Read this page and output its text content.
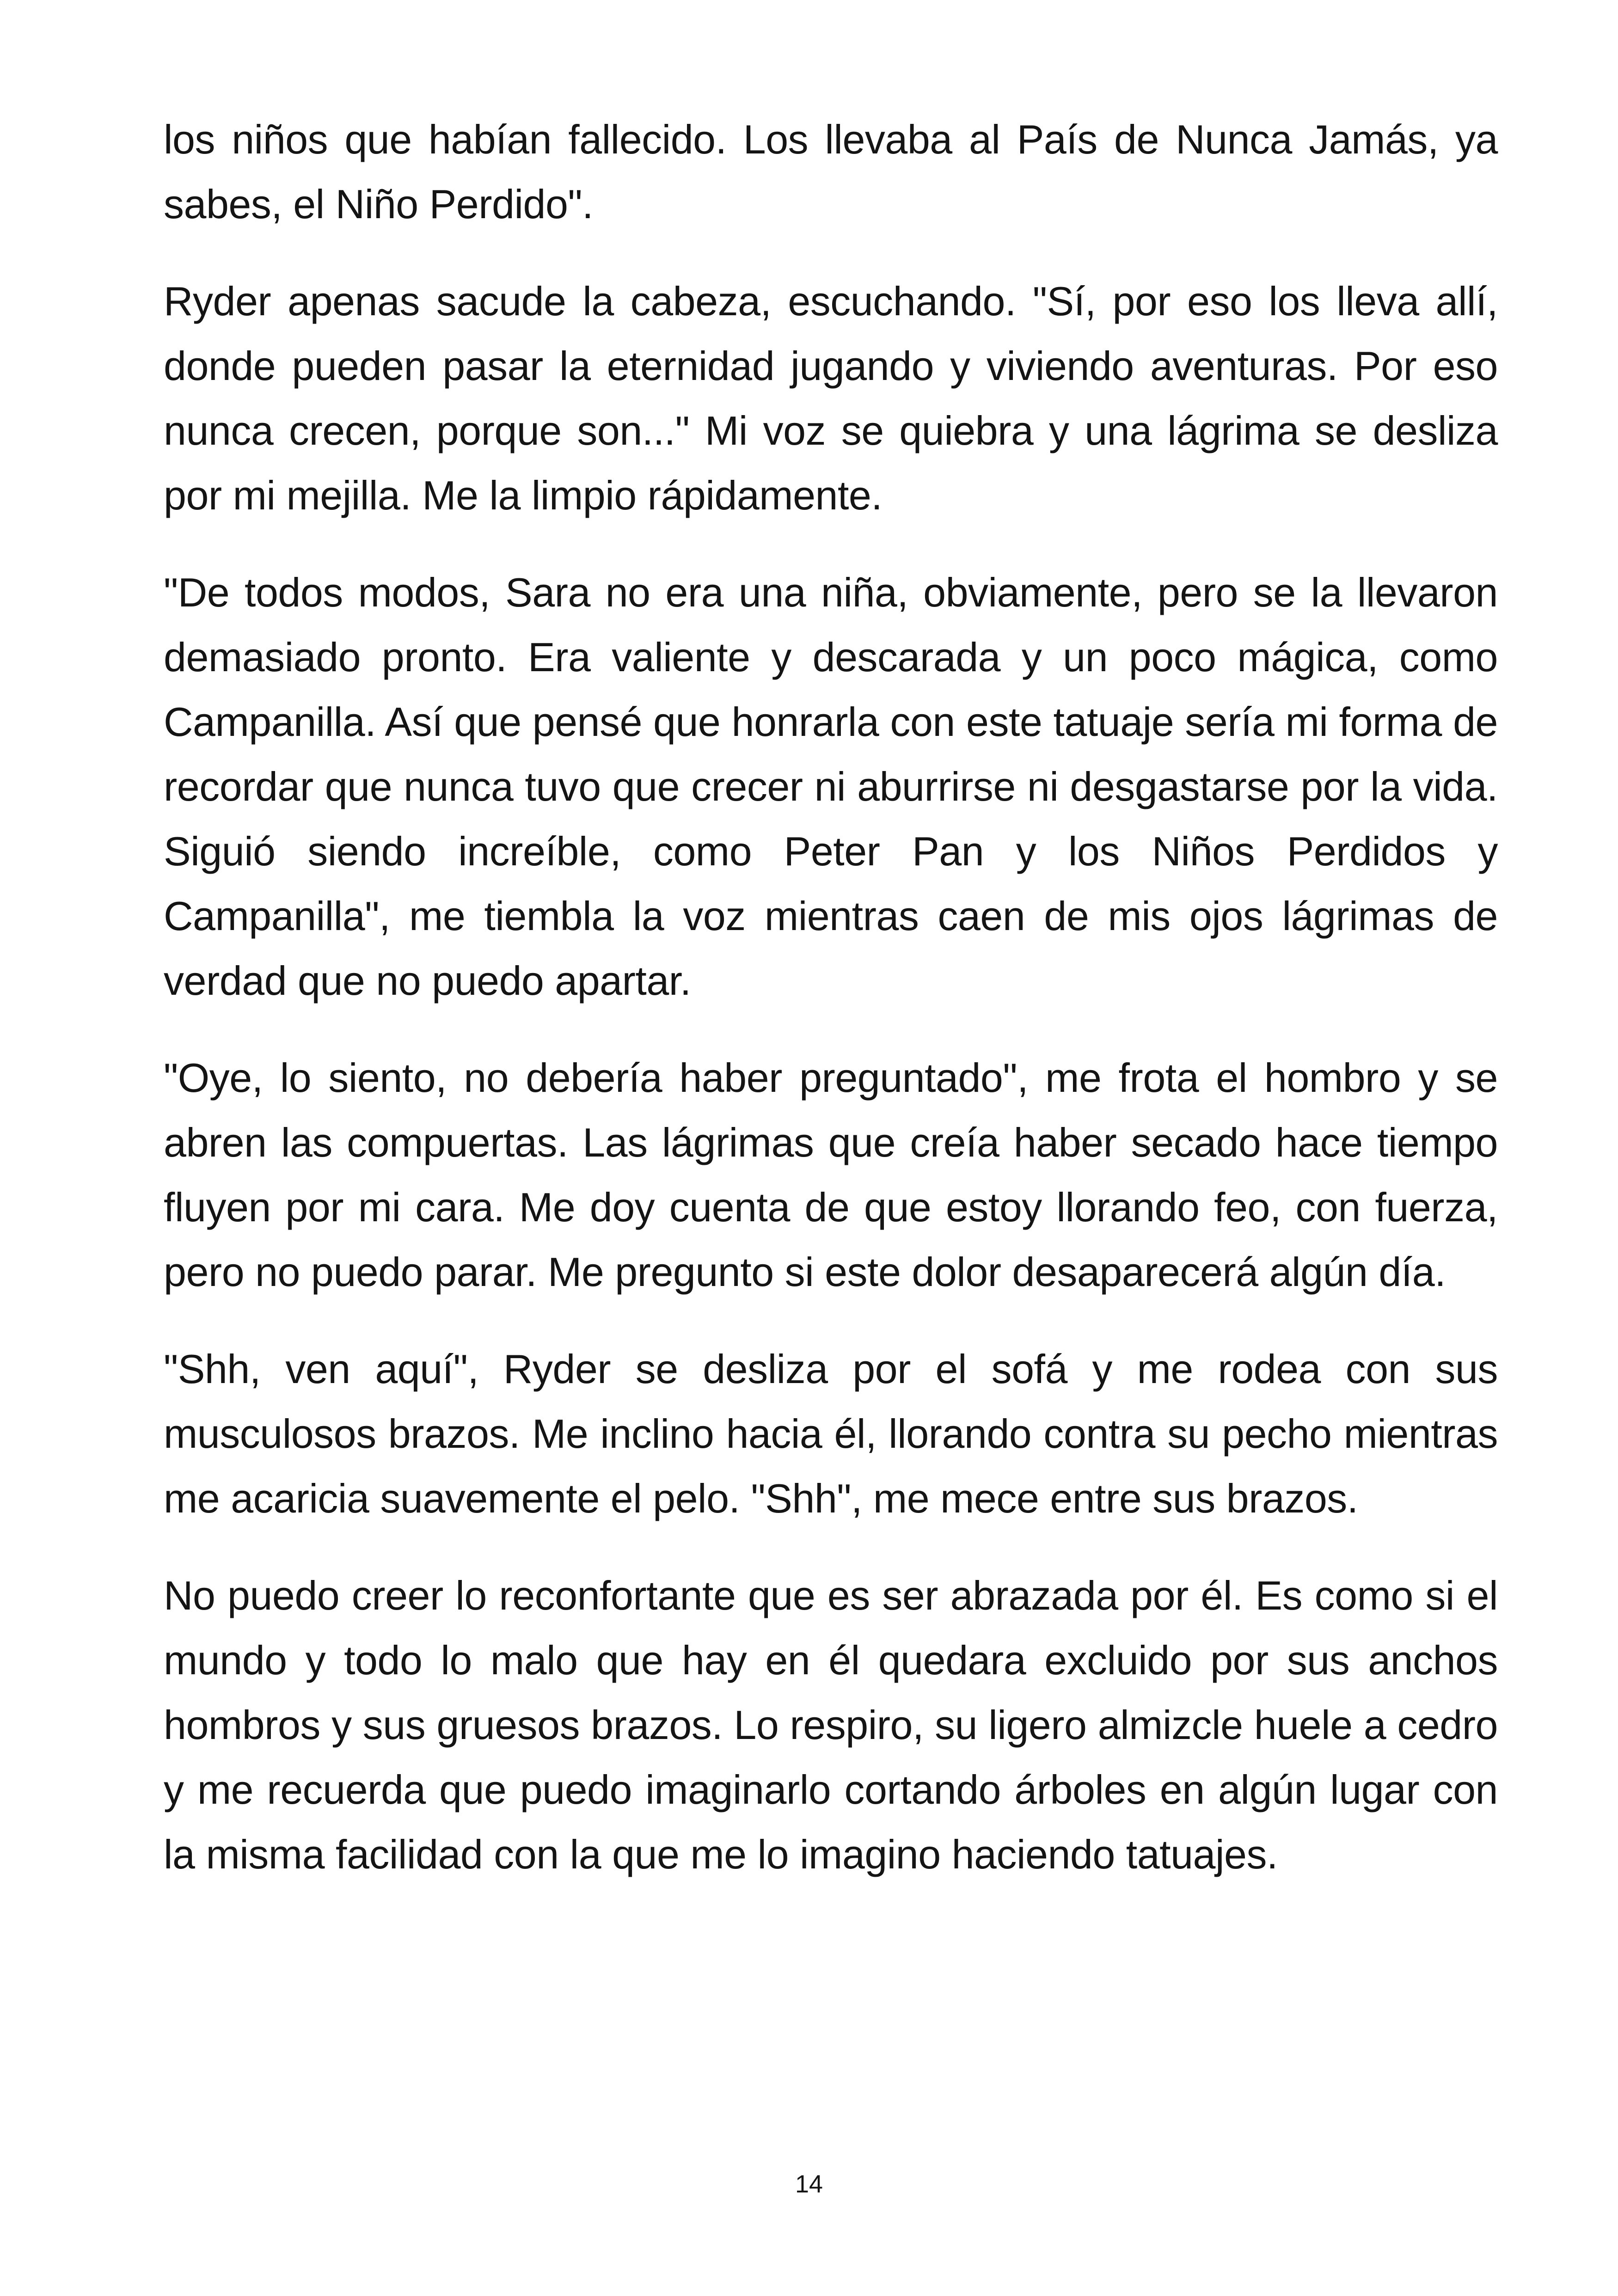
los niños que habían fallecido. Los llevaba al País de Nunca Jamás, ya sabes, el Niño Perdido".

Ryder apenas sacude la cabeza, escuchando. "Sí, por eso los lleva allí, donde pueden pasar la eternidad jugando y viviendo aventuras. Por eso nunca crecen, porque son..." Mi voz se quiebra y una lágrima se desliza por mi mejilla. Me la limpio rápidamente.

"De todos modos, Sara no era una niña, obviamente, pero se la llevaron demasiado pronto. Era valiente y descarada y un poco mágica, como Campanilla. Así que pensé que honrarla con este tatuaje sería mi forma de recordar que nunca tuvo que crecer ni aburrirse ni desgastarse por la vida. Siguió siendo increíble, como Peter Pan y los Niños Perdidos y Campanilla", me tiembla la voz mientras caen de mis ojos lágrimas de verdad que no puedo apartar.

"Oye, lo siento, no debería haber preguntado", me frota el hombro y se abren las compuertas. Las lágrimas que creía haber secado hace tiempo fluyen por mi cara. Me doy cuenta de que estoy llorando feo, con fuerza, pero no puedo parar. Me pregunto si este dolor desaparecerá algún día.

"Shh, ven aquí", Ryder se desliza por el sofá y me rodea con sus musculosos brazos. Me inclino hacia él, llorando contra su pecho mientras me acaricia suavemente el pelo. "Shh", me mece entre sus brazos.

No puedo creer lo reconfortante que es ser abrazada por él. Es como si el mundo y todo lo malo que hay en él quedara excluido por sus anchos hombros y sus gruesos brazos. Lo respiro, su ligero almizcle huele a cedro y me recuerda que puedo imaginarlo cortando árboles en algún lugar con la misma facilidad con la que me lo imagino haciendo tatuajes.

14
